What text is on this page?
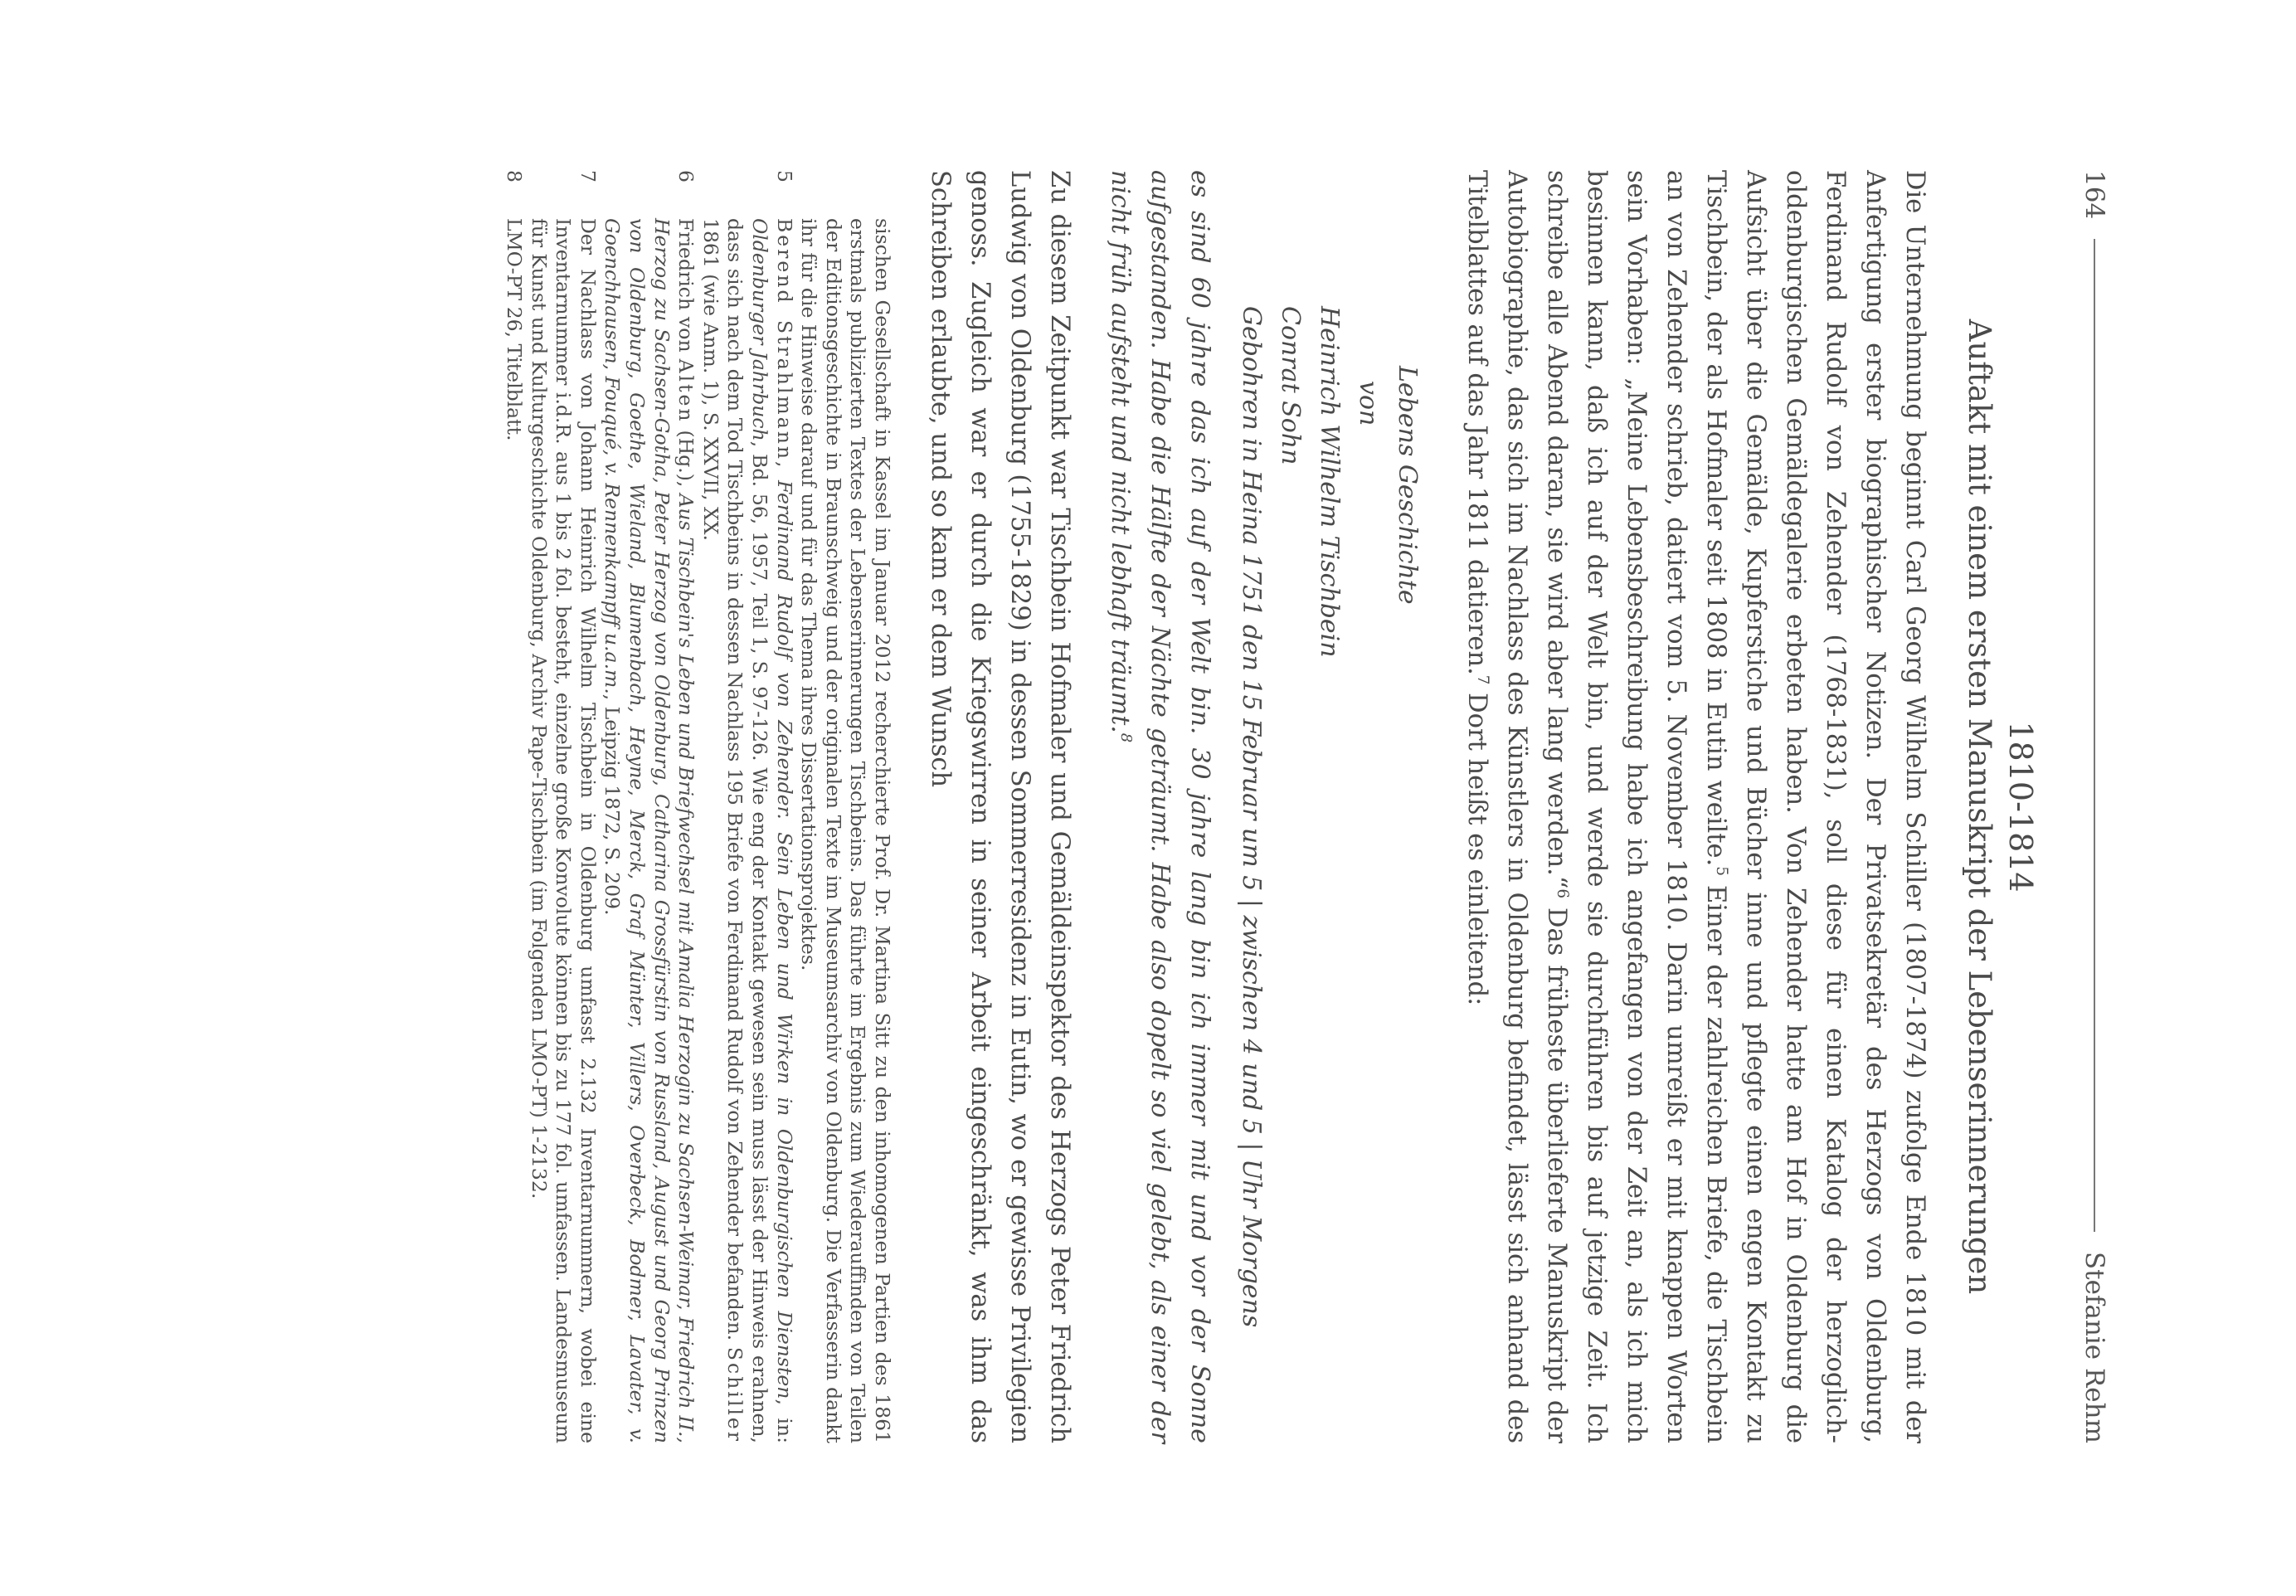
164
Stefanie Rehm
1810-1814
Auftakt mit einem ersten Manuskript der Lebenserinnerungen

Die Unternehmung beginnt Carl Georg Wilhelm Schiller (1807-1874) zufolge Ende 1810 mit der Anfertigung erster biographischer Notizen. Der Privatsekretär des Herzogs von Oldenburg, Ferdinand Rudolf von Zehender (1768-1831), soll diese für einen Katalog der herzoglich-oldenburgischen Gemäldegalerie erbeten haben. Von Zehender hatte am Hof in Oldenburg die Aufsicht über die Gemälde, Kupferstiche und Bücher inne und pflegte einen engen Kontakt zu Tischbein, der als Hofmaler seit 1808 in Eutin weilte.$^5$ Einer der zahlreichen Briefe, die Tischbein an von Zehender schrieb, datiert vom 5. November 1810. Darin umreißt er mit knappen Worten sein Vorhaben: „Meine Lebensbeschreibung habe ich angefangen von der Zeit an, als ich mich besinnen kann, daß ich auf der Welt bin, und werde sie durchführen bis auf jetzige Zeit. Ich schreibe alle Abend daran, sie wird aber lang werden.“$^6$ Das früheste überlieferte Manuskript der Autobiographie, das sich im Nachlass des Künstlers in Oldenburg befindet, lässt sich anhand des Titelblattes auf das Jahr 1811 datieren.$^7$ Dort heißt es einleitend:

Lebens Geschichte
von
Heinrich Wilhelm Tischbein
Conrat Sohn
Gebohren in Heina 1751 den 15 Februar um 5 | zwischen 4 und 5 | Uhr Morgens

es sind 60 jahre das ich auf der Welt bin. 30 jahre lang bin ich immer mit und vor der Sonne aufgestanden. Habe die Hälfte der Nächte geträumt. Habe also dopelt so viel gelebt, als einer der nicht früh aufsteht und nicht lebhaft träumt.$^8$

Zu diesem Zeitpunkt war Tischbein Hofmaler und Gemäldeinspektor des Herzogs Peter Friedrich Ludwig von Oldenburg (1755-1829) in dessen Sommerresidenz in Eutin, wo er gewisse Privilegien genoss. Zugleich war er durch die Kriegswirren in seiner Arbeit eingeschränkt, was ihm das Schreiben erlaubte, und so kam er dem Wunsch

sischen Gesellschaft in Kassel im Januar 2012 recherchierte Prof. Dr. Martina Sitt zu den inhomogenen Partien des 1861 erstmals publizierten Textes der Lebenserinnerungen Tischbeins. Das führte im Ergebnis zum Wiederauffinden von Teilen der Editionsgeschichte in Braunschweig und der originalen Texte im Museumsarchiv von Oldenburg. Die Verfasserin dankt ihr für die Hinweise darauf und für das Thema ihres Dissertationsprojektes.

5
Berend Strahlmann, Ferdinand Rudolf von Zehender. Sein Leben und Wirken in Oldenburgischen Diensten, in: Oldenburger Jahrbuch, Bd. 56, 1957, Teil 1, S. 97-126. Wie eng der Kontakt gewesen sein muss lässt der Hinweis erahnen, dass sich nach dem Tod Tischbeins in dessen Nachlass 195 Briefe von Ferdinand Rudolf von Zehender befanden. Schiller 1861 (wie Anm. 1), S. XXVII, XX.

6
Friedrich von Alten (Hg.), Aus Tischbein's Leben und Briefwechsel mit Amalia Herzogin zu Sachsen-Weimar, Friedrich II., Herzog zu Sachsen-Gotha, Peter Herzog von Oldenburg, Catharina Grossfürstin von Russland, August und Georg Prinzen von Oldenburg, Goethe, Wieland, Blumenbach, Heyne, Merck, Graf Münter, Villers, Overbeck, Bodmer, Lavater, v. Goenchhausen, Fouqué, v. Rennenkampff u.a.m., Leipzig 1872, S. 209.

7
Der Nachlass von Johann Heinrich Wilhelm Tischbein in Oldenburg umfasst 2.132 Inventarnummern, wobei eine Inventarnummer i.d.R. aus 1 bis 2 fol. besteht, einzelne große Konvolute können bis zu 177 fol. umfassen. Landesmuseum für Kunst und Kulturgeschichte Oldenburg, Archiv Pape-Tischbein (im Folgenden LMO-PT) 1-2132.

8
LMO-PT 26, Titelblatt.
